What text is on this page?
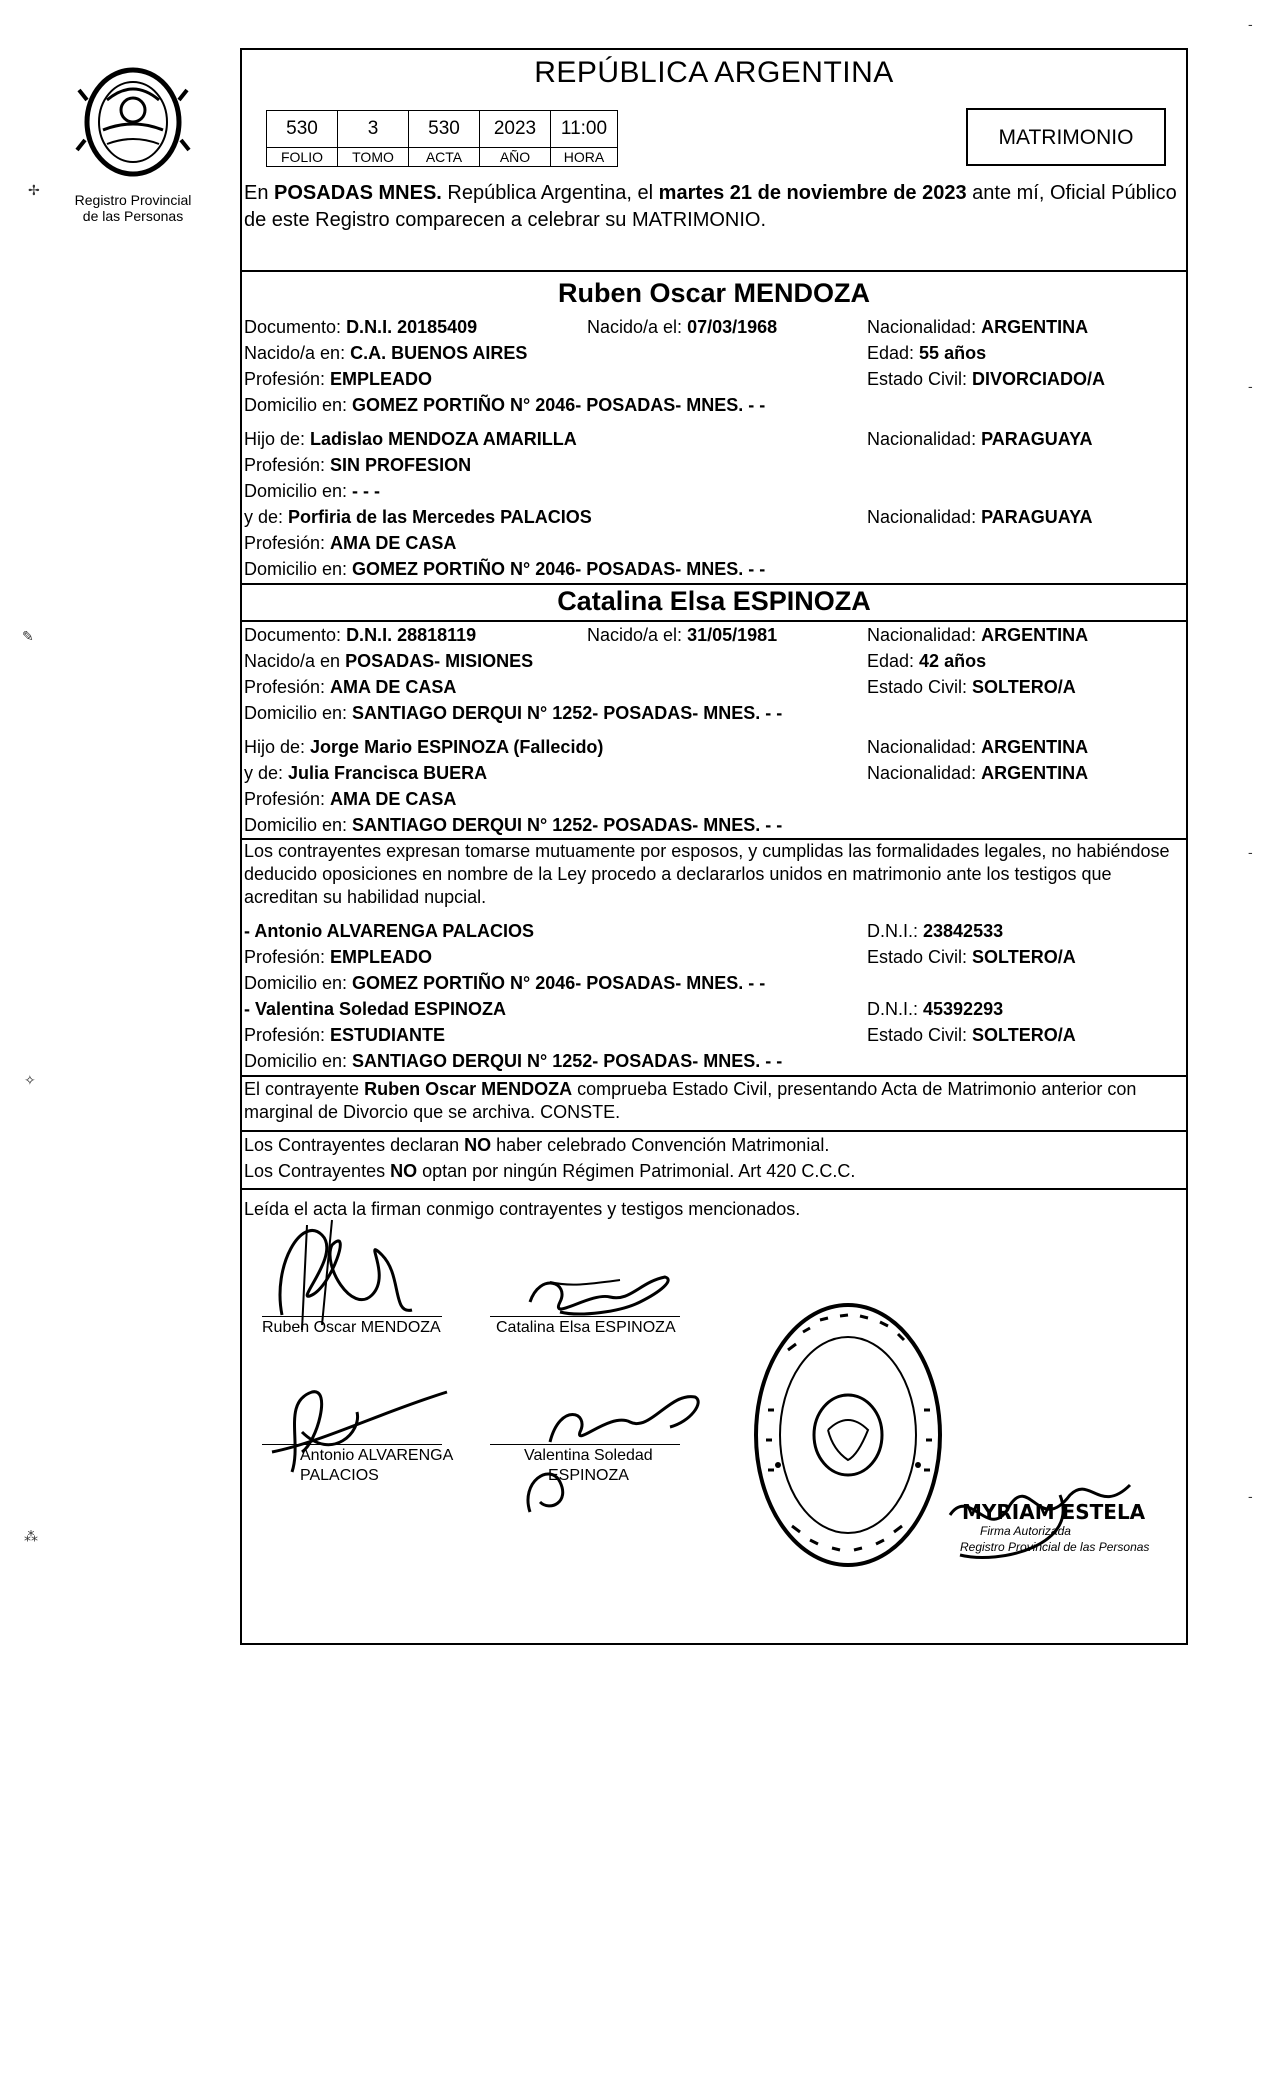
Registro Provincial
de las Personas
✢
✎
✧
⁂
REPÚBLICA ARGENTINA
530	3	530	2023	11:00
FOLIO	TOMO	ACTA	AÑO	HORA
MATRIMONIO
En POSADAS MNES. República Argentina, el martes 21 de noviembre de 2023 ante mí, Oficial Público de este Registro comparecen a celebrar su MATRIMONIO.
Ruben Oscar MENDOZA
Documento: D.N.I. 20185409	Nacido/a el: 07/03/1968	Nacionalidad: ARGENTINA
Nacido/a en: C.A. BUENOS AIRES	Edad: 55 años
Profesión: EMPLEADO	Estado Civil: DIVORCIADO/A
Domicilio en: GOMEZ PORTIÑO N° 2046- POSADAS- MNES. - -
Hijo de: Ladislao MENDOZA AMARILLA	Nacionalidad: PARAGUAYA
Profesión: SIN PROFESION
Domicilio en: - - -
y de: Porfiria de las Mercedes PALACIOS	Nacionalidad: PARAGUAYA
Profesión: AMA DE CASA
Domicilio en: GOMEZ PORTIÑO N° 2046- POSADAS- MNES. - -
Catalina Elsa ESPINOZA
Documento: D.N.I. 28818119	Nacido/a el: 31/05/1981	Nacionalidad: ARGENTINA
Nacido/a en POSADAS- MISIONES	Edad: 42 años
Profesión: AMA DE CASA	Estado Civil: SOLTERO/A
Domicilio en: SANTIAGO DERQUI N° 1252- POSADAS- MNES. - -
Hijo de: Jorge Mario ESPINOZA (Fallecido)	Nacionalidad: ARGENTINA
y de: Julia Francisca BUERA	Nacionalidad: ARGENTINA
Profesión: AMA DE CASA
Domicilio en: SANTIAGO DERQUI N° 1252- POSADAS- MNES. - -
Los contrayentes expresan tomarse mutuamente por esposos, y cumplidas las formalidades legales, no habiéndose deducido oposiciones en nombre de la Ley procedo a declararlos unidos en matrimonio ante los testigos que acreditan su habilidad nupcial.
- Antonio ALVARENGA PALACIOS	D.N.I.: 23842533
Profesión: EMPLEADO	Estado Civil: SOLTERO/A
Domicilio en: GOMEZ PORTIÑO N° 2046- POSADAS- MNES. - -
- Valentina Soledad ESPINOZA	D.N.I.: 45392293
Profesión: ESTUDIANTE	Estado Civil: SOLTERO/A
Domicilio en: SANTIAGO DERQUI N° 1252- POSADAS- MNES. - -
El contrayente Ruben Oscar MENDOZA comprueba Estado Civil, presentando Acta de Matrimonio anterior con marginal de Divorcio que se archiva. CONSTE.
Los Contrayentes declaran NO haber celebrado Convención Matrimonial.
Los Contrayentes NO optan por ningún Régimen Patrimonial. Art 420 C.C.C.
Leída el acta la firman conmigo contrayentes y testigos mencionados.
Ruben Oscar MENDOZA	Catalina Elsa ESPINOZA
Antonio ALVARENGA
PALACIOS
Valentina Soledad
ESPINOZA
MYRIAM ESTELA
Firma Autorizada
Registro Provincial de las Personas
-
-
-
-
